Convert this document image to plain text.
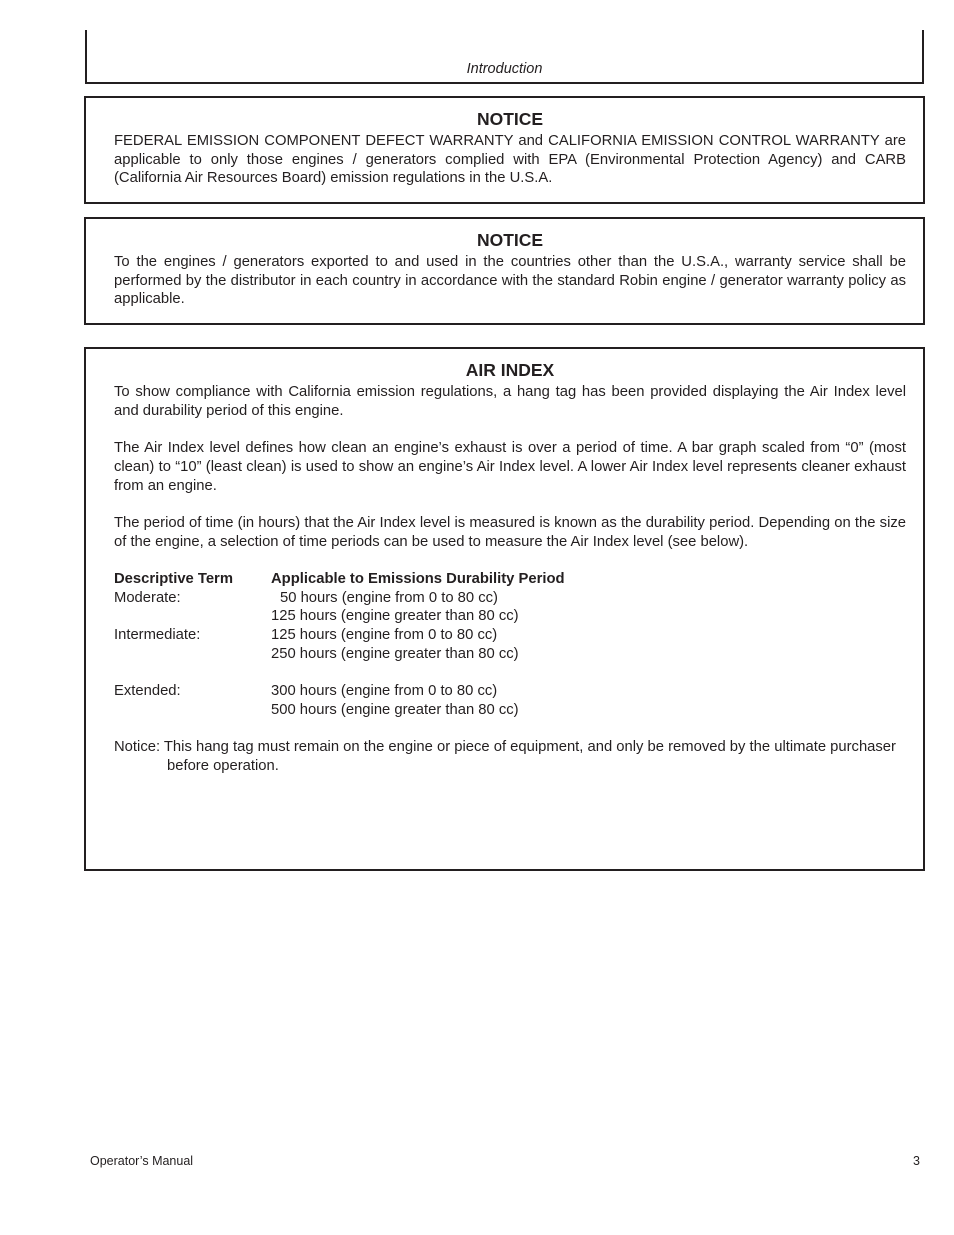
Introduction
NOTICE

FEDERAL EMISSION COMPONENT DEFECT WARRANTY and CALIFORNIA EMISSION CONTROL WARRANTY are applicable to only those engines / generators complied with EPA (Environmental Protection Agency) and CARB (California Air Resources Board) emission regulations in the U.S.A.

NOTICE

To the engines / generators exported to and used in the countries other than the U.S.A., warranty service shall be performed by the distributor in each country in accordance with the standard Robin engine / generator warranty policy as applicable.

AIR INDEX

To show compliance with California emission regulations, a hang tag has been provided displaying the Air Index level and durability period of this engine.

The Air Index level defines how clean an engine’s exhaust is over a period of time. A bar graph scaled from “0” (most clean) to “10” (least clean) is used to show an engine’s Air Index level. A lower Air Index level represents cleaner exhaust from an engine.

The period of time (in hours) that the Air Index level is measured is known as the durability period. Depending on the size of the engine, a selection of time periods can be used to measure the Air Index level (see below).

Descriptive Term	Applicable to Emissions Durability Period
Moderate:	50 hours (engine from 0 to 80 cc)
125 hours (engine greater than 80 cc)
Intermediate:	125 hours (engine from 0 to 80 cc)
250 hours (engine greater than 80 cc)
Extended:	300 hours (engine from 0 to 80 cc)
500 hours (engine greater than 80 cc)
Notice: This hang tag must remain on the engine or piece of equipment, and only be removed by the ultimate purchaser before operation.
Operator’s Manual	3
